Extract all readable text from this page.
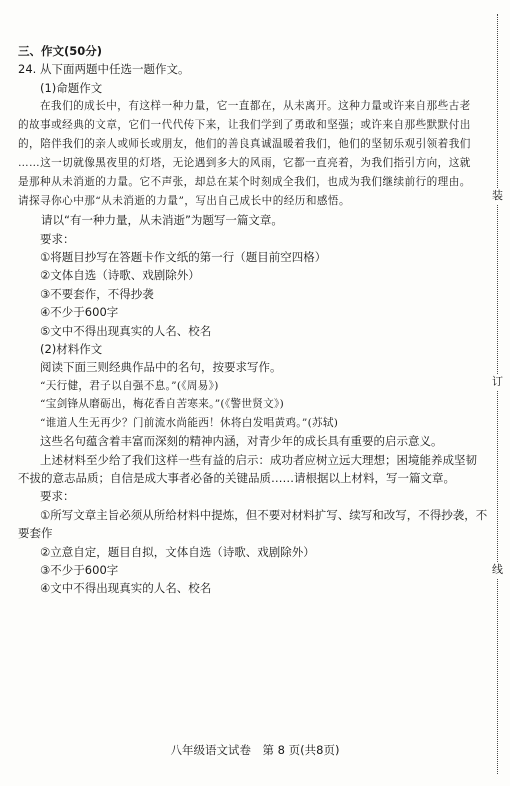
装
订
线
三、作文(50分)
24. 从下面两题中任选一题作文。
(1)命题作文
在我们的成长中，有这样一种力量，它一直都在，从未离开。这种力量或许来自那些古老
的故事或经典的文章，它们一代代传下来，让我们学到了勇敢和坚强；或许来自那些默默付出
的，陪伴我们的亲人或师长或朋友，他们的善良真诚温暖着我们，他们的坚韧乐观引领着我们
……这一切就像黑夜里的灯塔，无论遇到多大的风雨，它都一直亮着，为我们指引方向，这就
是那种从未消逝的力量。它不声张，却总在某个时刻成全我们，也成为我们继续前行的理由。
请探寻你心中那“从未消逝的力量”，写出自己成长中的经历和感悟。
请以“有一种力量，从未消逝”为题写一篇文章。
要求：
①将题目抄写在答题卡作文纸的第一行（题目前空四格）
②文体自选（诗歌、戏剧除外）
③不要套作，不得抄袭
④不少于600字
⑤文中不得出现真实的人名、校名
(2)材料作文
阅读下面三则经典作品中的名句，按要求写作。
“天行健，君子以自强不息。”(《周易》)
“宝剑锋从磨砺出，梅花香自苦寒来。”(《警世贤文》)
“谁道人生无再少？门前流水尚能西！休将白发唱黄鸡。”(苏轼)
这些名句蕴含着丰富而深刻的精神内涵，对青少年的成长具有重要的启示意义。
上述材料至少给了我们这样一些有益的启示：成功者应树立远大理想；困境能养成坚韧
不拔的意志品质；自信是成大事者必备的关键品质……请根据以上材料，写一篇文章。
要求：
①所写文章主旨必须从所给材料中提炼，但不要对材料扩写、续写和改写，不得抄袭，不
要套作
②立意自定，题目自拟，文体自选（诗歌、戏剧除外）
③不少于600字
④文中不得出现真实的人名、校名
八年级语文试卷　第 8 页(共8页)
